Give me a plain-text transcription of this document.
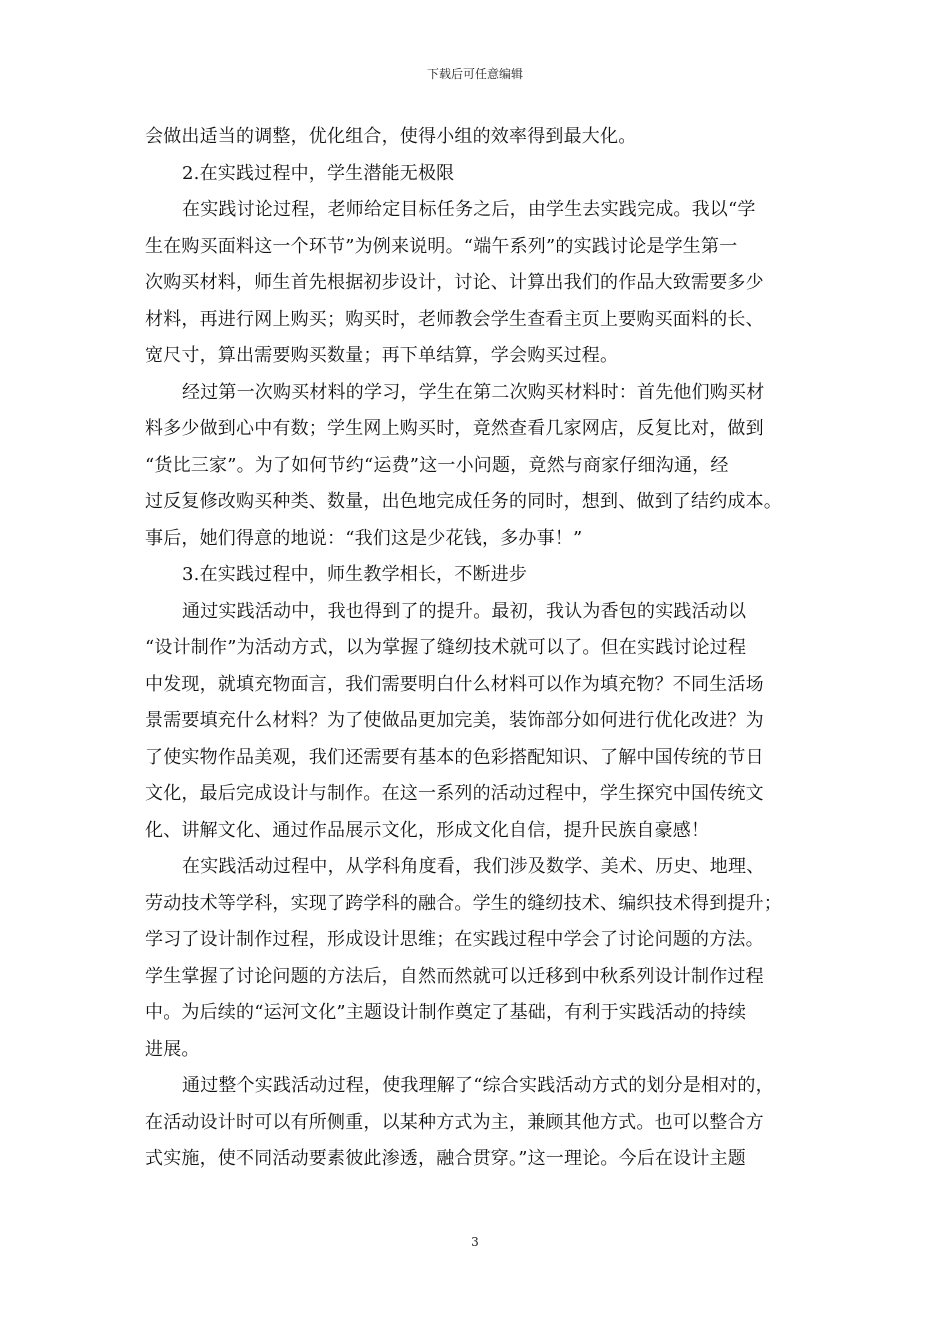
下载后可任意编辑
会做出适当的调整，优化组合，使得小组的效率得到最大化。
2.在实践过程中，学生潜能无极限
在实践讨论过程，老师给定目标任务之后，由学生去实践完成。我以“学
生在购买面料这一个环节”为例来说明。“端午系列”的实践讨论是学生第一
次购买材料，师生首先根据初步设计，讨论、计算出我们的作品大致需要多少
材料，再进行网上购买；购买时，老师教会学生查看主页上要购买面料的长、
宽尺寸，算出需要购买数量；再下单结算，学会购买过程。
经过第一次购买材料的学习，学生在第二次购买材料时：首先他们购买材
料多少做到心中有数；学生网上购买时，竟然查看几家网店，反复比对，做到
“货比三家”。为了如何节约“运费”这一小问题，竟然与商家仔细沟通，经
过反复修改购买种类、数量，出色地完成任务的同时，想到、做到了结约成本。
事后，她们得意的地说：“我们这是少花钱，多办事！”
3.在实践过程中，师生教学相长，不断进步
通过实践活动中，我也得到了的提升。最初，我认为香包的实践活动以
“设计制作”为活动方式，以为掌握了缝纫技术就可以了。但在实践讨论过程
中发现，就填充物面言，我们需要明白什么材料可以作为填充物？不同生活场
景需要填充什么材料？为了使做品更加完美，装饰部分如何进行优化改进？为
了使实物作品美观，我们还需要有基本的色彩搭配知识、了解中国传统的节日
文化，最后完成设计与制作。在这一系列的活动过程中，学生探究中国传统文
化、讲解文化、通过作品展示文化，形成文化自信，提升民族自豪感！
在实践活动过程中，从学科角度看，我们涉及数学、美术、历史、地理、
劳动技术等学科，实现了跨学科的融合。学生的缝纫技术、编织技术得到提升；
学习了设计制作过程，形成设计思维；在实践过程中学会了讨论问题的方法。
学生掌握了讨论问题的方法后，自然而然就可以迁移到中秋系列设计制作过程
中。为后续的“运河文化”主题设计制作奠定了基础，有利于实践活动的持续
进展。
通过整个实践活动过程，使我理解了“综合实践活动方式的划分是相对的，
在活动设计时可以有所侧重，以某种方式为主，兼顾其他方式。也可以整合方
式实施，使不同活动要素彼此渗透，融合贯穿。”这一理论。今后在设计主题
3
